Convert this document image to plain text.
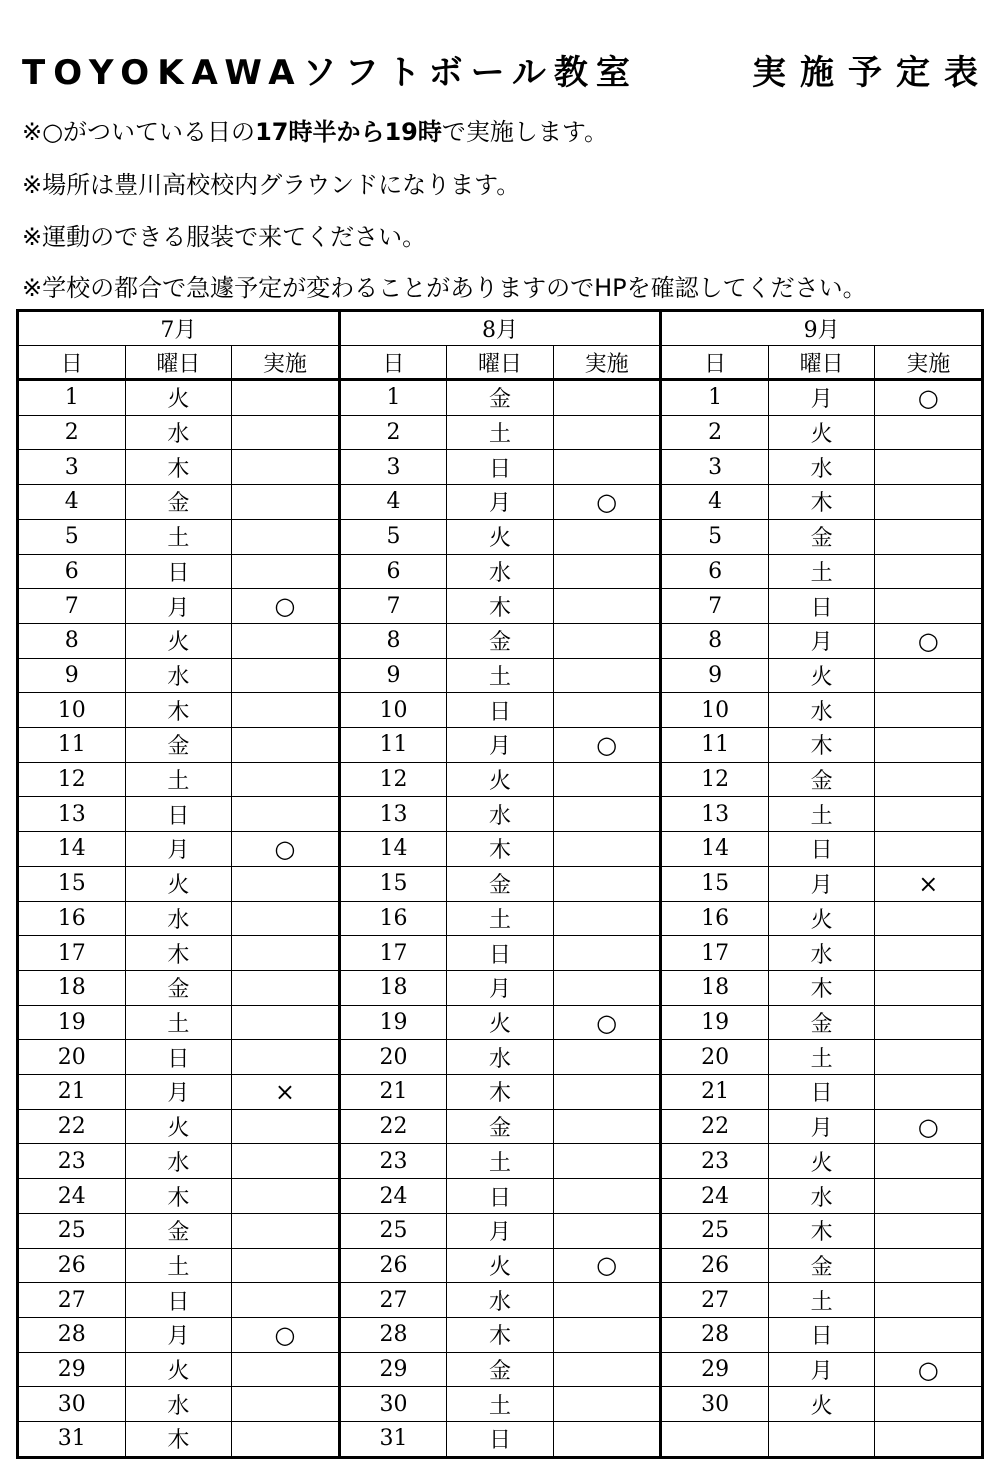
TOYOKAWAソフトボール教室	実施予定表
※○がついている日の17時半から19時で実施します。
※場所は豊川高校校内グラウンドになります。
※運動のできる服装で来てください。
※学校の都合で急遽予定が変わることがありますのでHPを確認してください。
7月
日	曜日	実施
1	火
2	水
3	木
4	金
5	土
6	日
7	月	○
8	火
9	水
10	木
11	金
12	土
13	日
14	月	○
15	火
16	水
17	木
18	金
19	土
20	日
21	月	×
22	火
23	水
24	木
25	金
26	土
27	日
28	月	○
29	火
30	水
31	木
8月
日	曜日	実施
1	金
2	土
3	日
4	月	○
5	火
6	水
7	木
8	金
9	土
10	日
11	月	○
12	火
13	水
14	木
15	金
16	土
17	日
18	月
19	火	○
20	水
21	木
22	金
23	土
24	日
25	月
26	火	○
27	水
28	木
29	金
30	土
31	日
9月
日	曜日	実施
1	月	○
2	火
3	水
4	木
5	金
6	土
7	日
8	月	○
9	火
10	水
11	木
12	金
13	土
14	日
15	月	×
16	火
17	水
18	木
19	金
20	土
21	日
22	月	○
23	火
24	水
25	木
26	金
27	土
28	日
29	月	○
30	火
